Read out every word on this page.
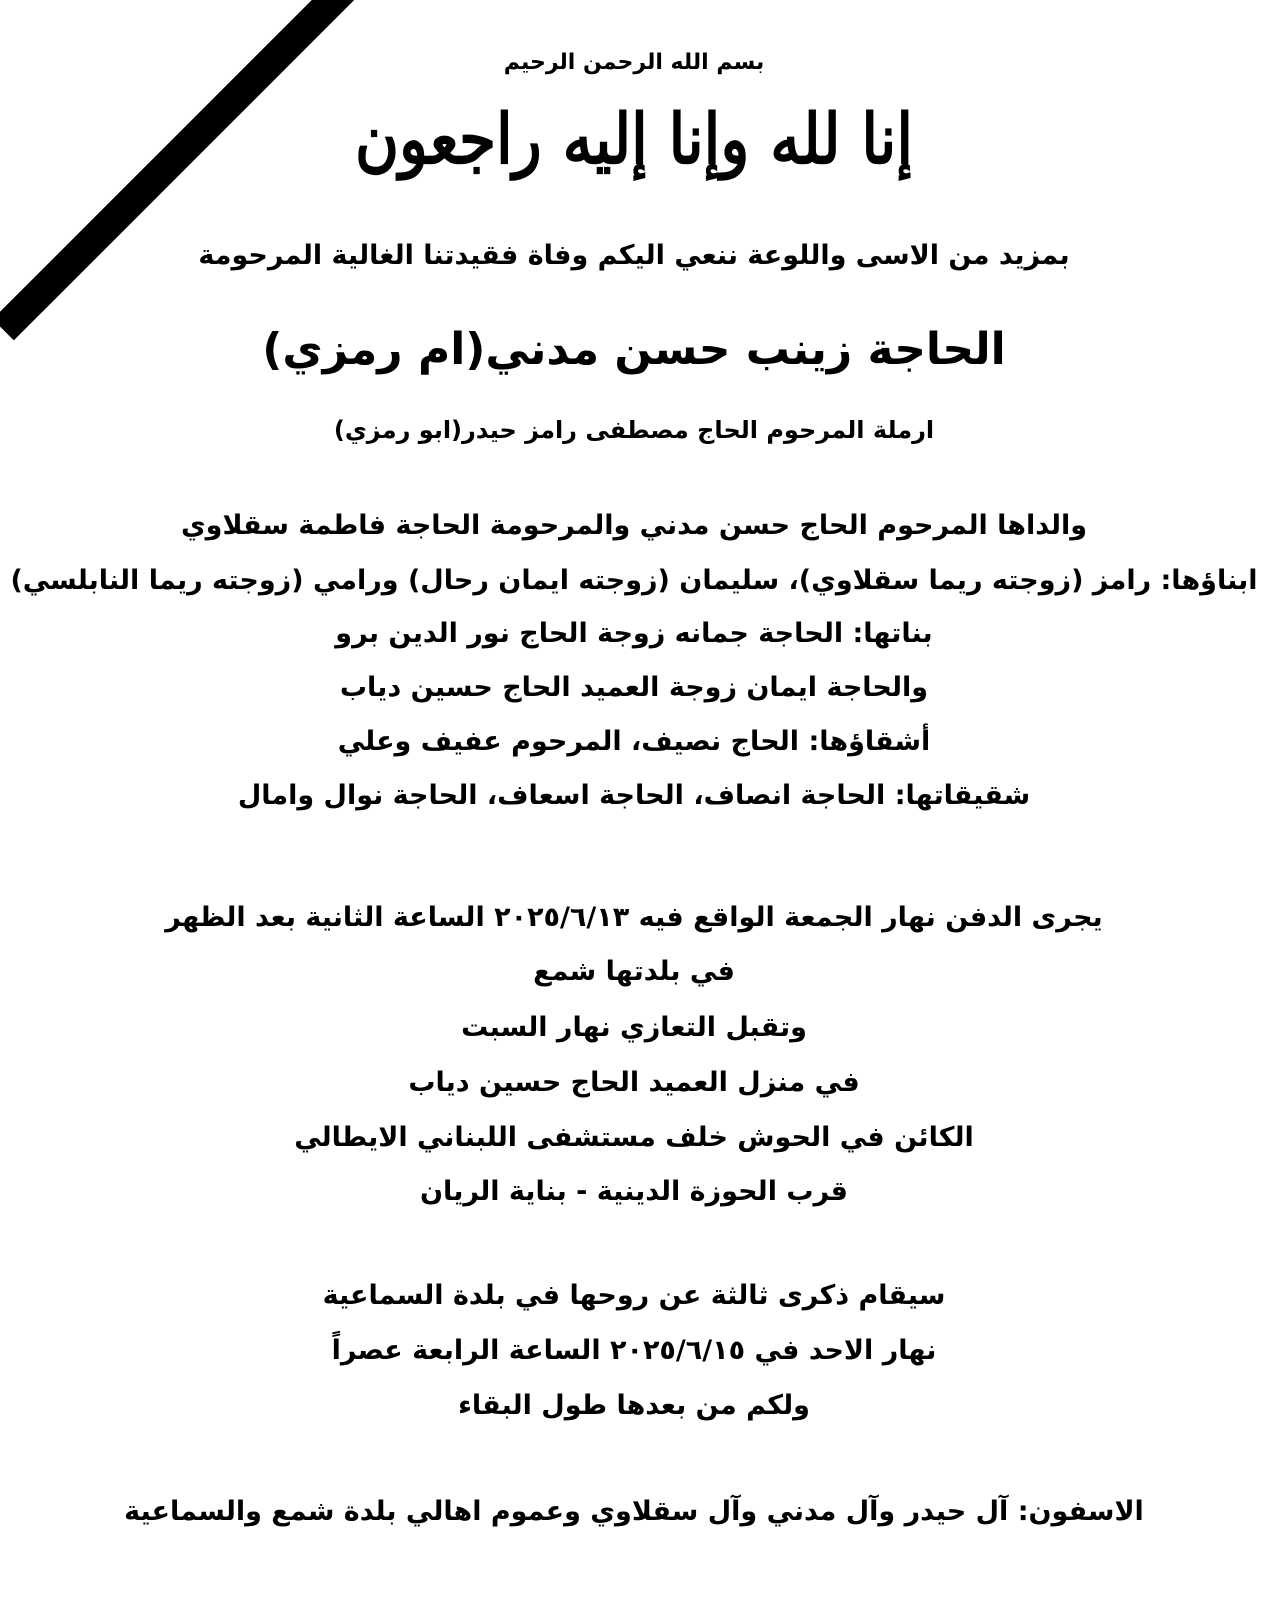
بسم الله الرحمن الرحيم
إنا لله وإنا إليه راجعون
بمزيد من الاسى واللوعة ننعي اليكم وفاة فقيدتنا الغالية المرحومة
الحاجة زينب حسن مدني(ام رمزي)
ارملة المرحوم الحاج مصطفى رامز حيدر(ابو رمزي)
والداها المرحوم الحاج حسن مدني والمرحومة الحاجة فاطمة سقلاوي
ابناؤها: رامز (زوجته ريما سقلاوي)، سليمان (زوجته ايمان رحال) ورامي (زوجته ريما النابلسي)
بناتها: الحاجة جمانه زوجة الحاج نور الدين برو
والحاجة ايمان زوجة العميد الحاج حسين دياب
أشقاؤها: الحاج نصيف، المرحوم عفيف وعلي
شقيقاتها: الحاجة انصاف، الحاجة اسعاف، الحاجة نوال وامال
يجرى الدفن نهار الجمعة الواقع فيه ٢٠٢٥/٦/١٣ الساعة الثانية بعد الظهر
في بلدتها شمع
وتقبل التعازي نهار السبت
في منزل العميد الحاج حسين دياب
الكائن في الحوش خلف مستشفى اللبناني الايطالي
قرب الحوزة الدينية - بناية الريان
سيقام ذكرى ثالثة عن روحها في بلدة السماعية
نهار الاحد في ٢٠٢٥/٦/١٥ الساعة الرابعة عصراً
ولكم من بعدها طول البقاء
الاسفون: آل حيدر وآل مدني وآل سقلاوي وعموم اهالي بلدة شمع والسماعية
